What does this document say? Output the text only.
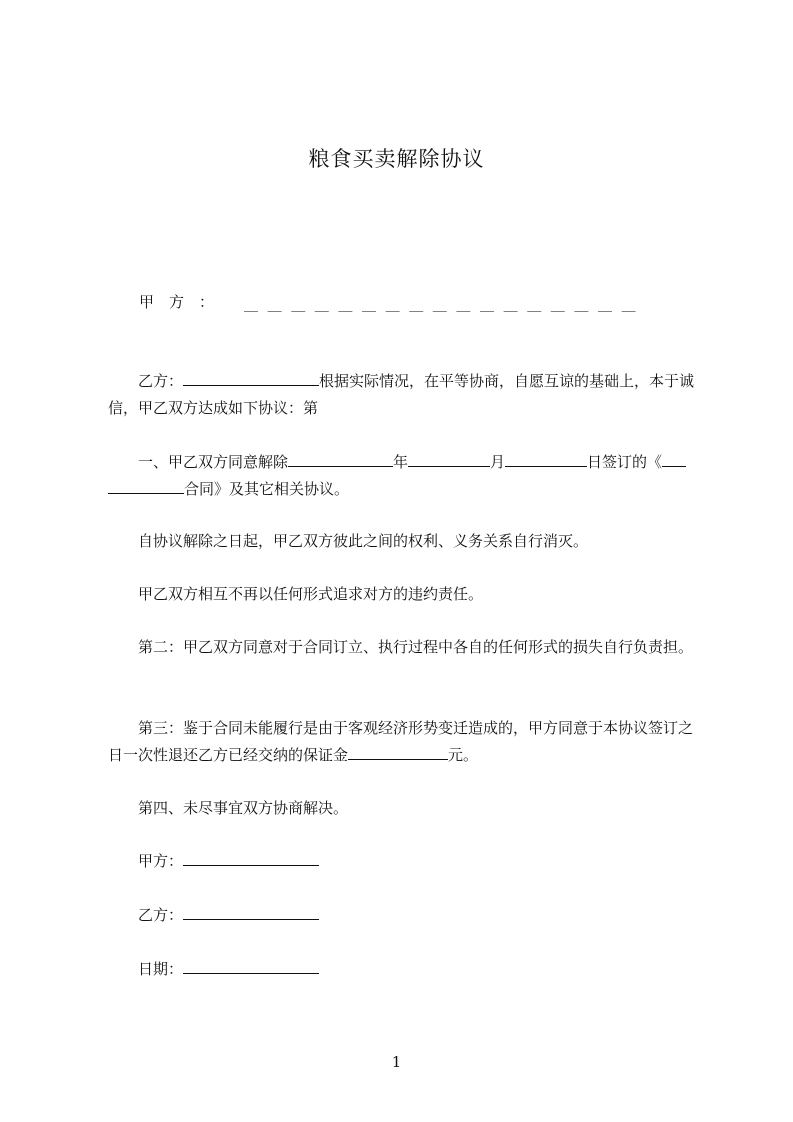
粮食买卖解除协议
甲　方　： ＿＿＿＿＿＿＿＿＿＿＿＿＿＿＿＿＿
乙方：	根据实际情况，在平等协商，自愿互谅的基础上，本于诚信，甲乙双方达成如下协议：第
一、甲乙双方同意解除	年	月	日签订的《合同》及其它相关协议。
自协议解除之日起，甲乙双方彼此之间的权利、义务关系自行消灭。
甲乙双方相互不再以任何形式追求对方的违约责任。
第二：甲乙双方同意对于合同订立、执行过程中各自的任何形式的损失自行负责担。
第三：鉴于合同未能履行是由于客观经济形势变迁造成的，甲方同意于本协议签订之日一次性退还乙方已经交纳的保证金	元。
第四、未尽事宜双方协商解决。
甲方：
乙方：
日期：
1
